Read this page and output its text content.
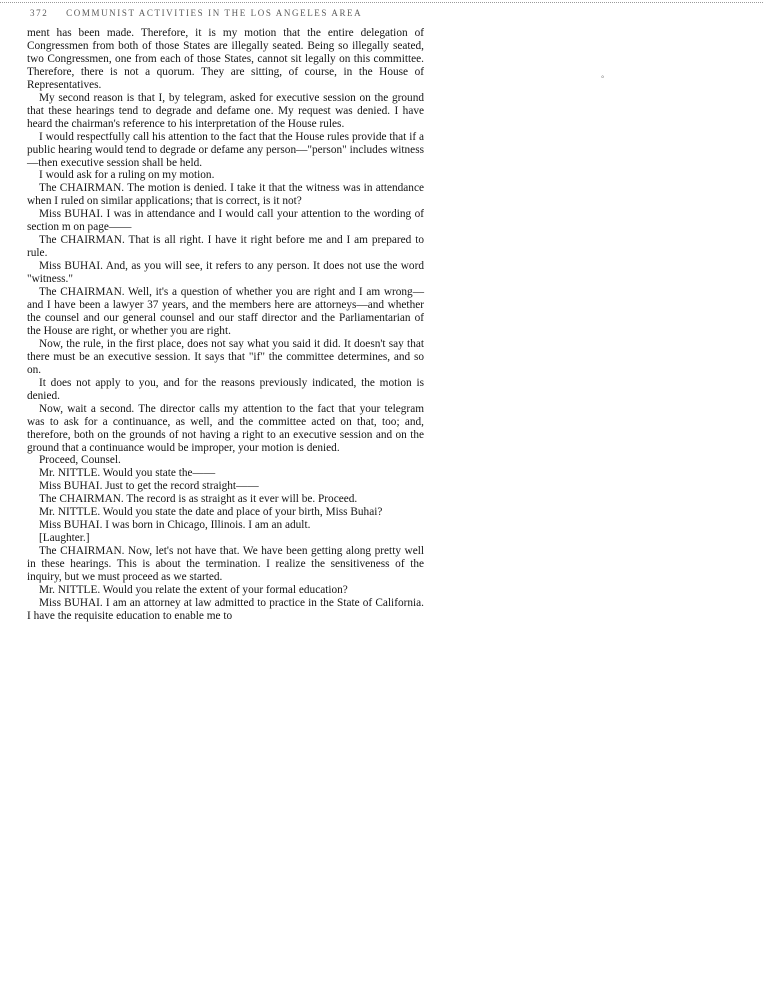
372 COMMUNIST ACTIVITIES IN THE LOS ANGELES AREA

ment has been made. Therefore, it is my motion that the entire delegation of Congressmen from both of those States are illegally seated. Being so illegally seated, two Congressmen, one from each of those States, cannot sit legally on this committee. Therefore, there is not a quorum. They are sitting, of course, in the House of Representatives.

My second reason is that I, by telegram, asked for executive session on the ground that these hearings tend to degrade and defame one. My request was denied. I have heard the chairman's reference to his interpretation of the House rules.

I would respectfully call his attention to the fact that the House rules provide that if a public hearing would tend to degrade or defame any person—"person" includes witness—then executive session shall be held.

I would ask for a ruling on my motion.

The CHAIRMAN. The motion is denied. I take it that the witness was in attendance when I ruled on similar applications; that is correct, is it not?

Miss BUHAI. I was in attendance and I would call your attention to the wording of section m on page——

The CHAIRMAN. That is all right. I have it right before me and I am prepared to rule.

Miss BUHAI. And, as you will see, it refers to any person. It does not use the word "witness."

The CHAIRMAN. Well, it's a question of whether you are right and I am wrong—and I have been a lawyer 37 years, and the members here are attorneys—and whether the counsel and our general counsel and our staff director and the Parliamentarian of the House are right, or whether you are right.

Now, the rule, in the first place, does not say what you said it did. It doesn't say that there must be an executive session. It says that "if" the committee determines, and so on.

It does not apply to you, and for the reasons previously indicated, the motion is denied.

Now, wait a second. The director calls my attention to the fact that your telegram was to ask for a continuance, as well, and the committee acted on that, too; and, therefore, both on the grounds of not having a right to an executive session and on the ground that a continuance would be improper, your motion is denied.

Proceed, Counsel.

Mr. NITTLE. Would you state the——

Miss BUHAI. Just to get the record straight——

The CHAIRMAN. The record is as straight as it ever will be. Proceed.

Mr. NITTLE. Would you state the date and place of your birth, Miss Buhai?

Miss BUHAI. I was born in Chicago, Illinois. I am an adult.

[Laughter.]

The CHAIRMAN. Now, let's not have that. We have been getting along pretty well in these hearings. This is about the termination. I realize the sensitiveness of the inquiry, but we must proceed as we started.

Mr. NITTLE. Would you relate the extent of your formal education?

Miss BUHAI. I am an attorney at law admitted to practice in the State of California. I have the requisite education to enable me to

°
